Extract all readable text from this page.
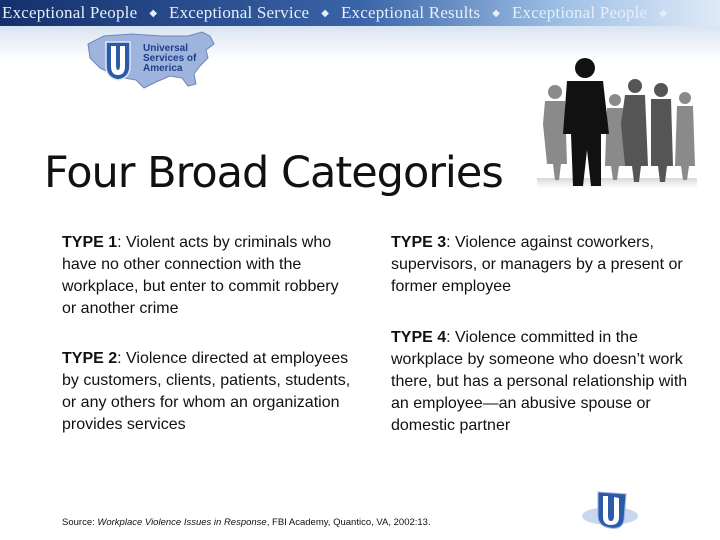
Exceptional People ◆ Exceptional Service ◆ Exceptional Results ◆ Exceptional People ◆
Universal
Services of
America
Four Broad Categories
TYPE 1: Violent acts by criminals who have no other connection with the workplace, but enter to commit robbery or another crime
TYPE 2: Violence directed at employees by customers, clients, patients, students, or any others for whom an organization provides services
TYPE 3: Violence against coworkers, supervisors, or managers by a present or former employee
TYPE 4: Violence committed in the workplace by someone who doesn’t work there, but has a personal relationship with an employee—an abusive spouse or domestic partner
Source: Workplace Violence Issues in Response, FBI Academy, Quantico, VA, 2002:13.
